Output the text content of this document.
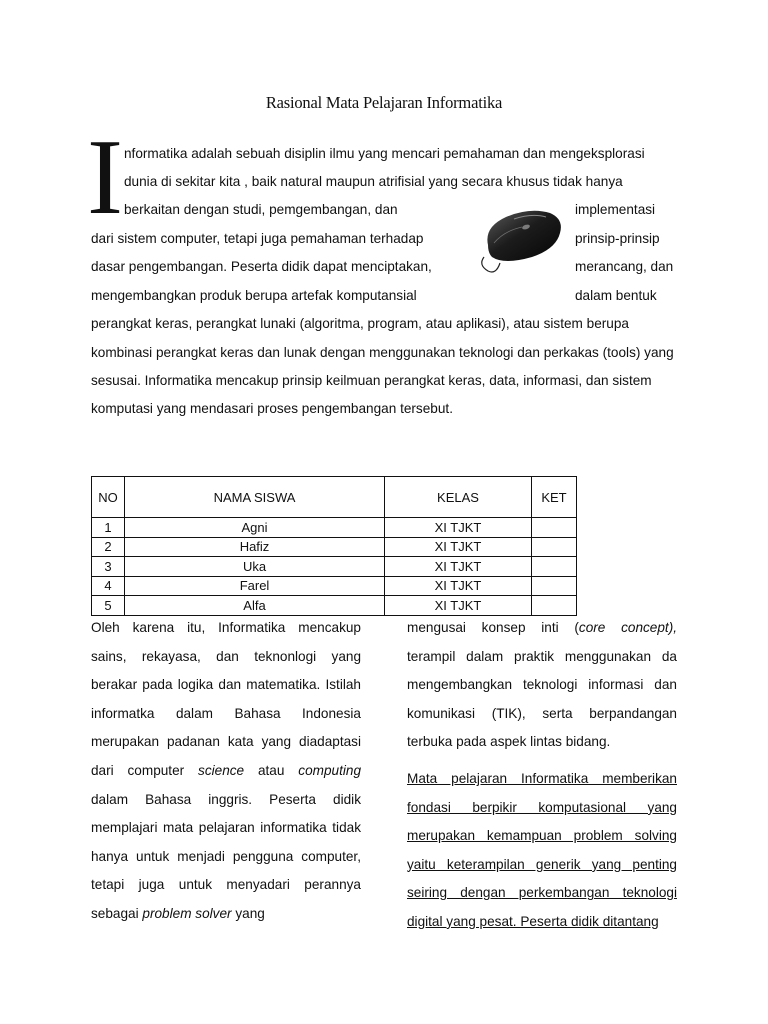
Rasional Mata Pelajaran Informatika
I nformatika adalah sebuah disiplin ilmu yang mencari pemahaman dan mengeksplorasi
dunia di sekitar kita , baik natural maupun atrifisial yang secara khusus tidak hanya
berkaitan dengan studi, pemgembangan, dan	implementasi
dari sistem computer, tetapi juga pemahaman terhadap	prinsip-prinsip
dasar pengembangan. Peserta didik dapat menciptakan,	merancang, dan
mengembangkan produk berupa artefak komputansial	dalam bentuk
perangkat keras, perangkat lunaki (algoritma, program, atau aplikasi), atau sistem berupa
kombinasi perangkat keras dan lunak dengan menggunakan teknologi dan perkakas (tools) yang
sesusai. Informatika mencakup prinsip keilmuan perangkat keras, data, informasi, dan sistem
komputasi yang mendasari proses pengembangan tersebut.
NO	NAMA SISWA	KELAS	KET
1	Agni	XI TJKT	
2	Hafiz	XI TJKT	
3	Uka	XI TJKT	
4	Farel	XI TJKT	
5	Alfa	XI TJKT	
Oleh karena itu, Informatika mencakup sains, rekayasa, dan teknonlogi yang berakar pada logika dan matematika. Istilah informatka dalam Bahasa Indonesia merupakan padanan kata yang diadaptasi dari computer science atau computing dalam Bahasa inggris. Peserta didik memplajari mata pelajaran informatika tidak hanya untuk menjadi pengguna computer, tetapi juga untuk menyadari perannya sebagai problem solver yang
mengusai konsep inti (core concept), terampil dalam praktik menggunakan da mengembangkan teknologi informasi dan komunikasi (TIK), serta berpandangan terbuka pada aspek lintas bidang.
Mata pelajaran Informatika memberikan fondasi berpikir komputasional yang merupakan kemampuan problem solving yaitu keterampilan generik yang penting seiring dengan perkembangan teknologi digital yang pesat. Peserta didik ditantang
